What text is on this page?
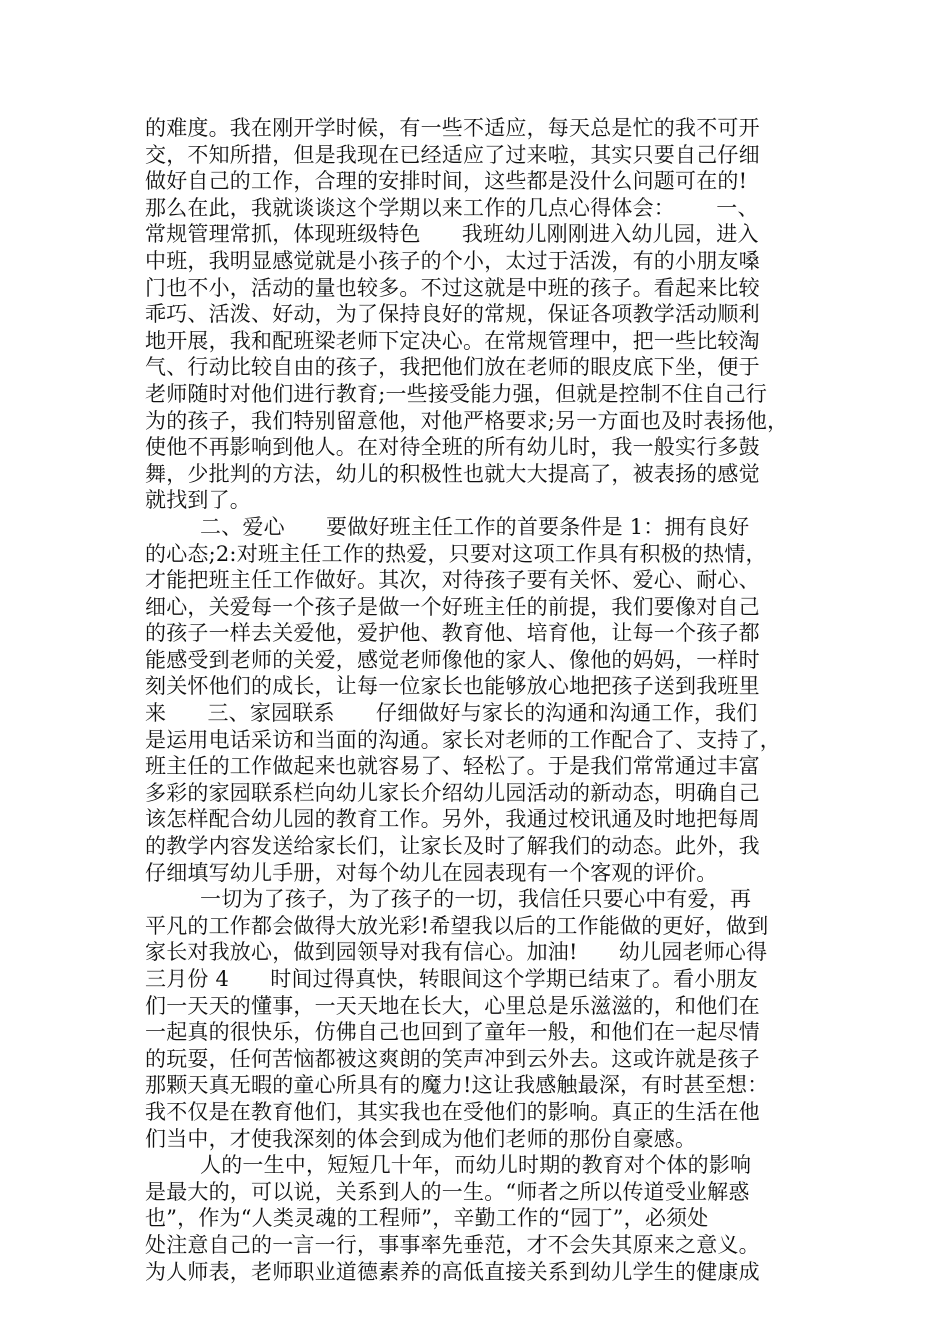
的难度。我在刚开学时候，有一些不适应，每天总是忙的我不可开
交，不知所措，但是我现在已经适应了过来啦，其实只要自己仔细
做好自己的工作，合理的安排时间，这些都是没什么问题可在的!
那么在此，我就谈谈这个学期以来工作的几点心得体会：      一、
常规管理常抓，体现班级特色      我班幼儿刚刚进入幼儿园，进入
中班，我明显感觉就是小孩子的个小，太过于活泼，有的小朋友嗓
门也不小，活动的量也较多。不过这就是中班的孩子。看起来比较
乖巧、活泼、好动，为了保持良好的常规，保证各项教学活动顺利
地开展，我和配班梁老师下定决心。在常规管理中，把一些比较淘
气、行动比较自由的孩子，我把他们放在老师的眼皮底下坐，便于
老师随时对他们进行教育;一些接受能力强，但就是控制不住自己行
为的孩子，我们特别留意他，对他严格要求;另一方面也及时表扬他，
使他不再影响到他人。在对待全班的所有幼儿时，我一般实行多鼓
舞，少批判的方法，幼儿的积极性也就大大提高了，被表扬的感觉
就找到了。
二、爱心      要做好班主任工作的首要条件是 1：拥有良好
的心态;2:对班主任工作的热爱，只要对这项工作具有积极的热情，
才能把班主任工作做好。其次，对待孩子要有关怀、爱心、耐心、
细心，关爱每一个孩子是做一个好班主任的前提，我们要像对自己
的孩子一样去关爱他，爱护他、教育他、培育他，让每一个孩子都
能感受到老师的关爱，感觉老师像他的家人、像他的妈妈，一样时
刻关怀他们的成长，让每一位家长也能够放心地把孩子送到我班里
来      三、家园联系      仔细做好与家长的沟通和沟通工作，我们
是运用电话采访和当面的沟通。家长对老师的工作配合了、支持了，
班主任的工作做起来也就容易了、轻松了。于是我们常常通过丰富
多彩的家园联系栏向幼儿家长介绍幼儿园活动的新动态，明确自己
该怎样配合幼儿园的教育工作。另外，我通过校讯通及时地把每周
的教学内容发送给家长们，让家长及时了解我们的动态。此外，我
仔细填写幼儿手册，对每个幼儿在园表现有一个客观的评价。
一切为了孩子，为了孩子的一切，我信任只要心中有爱，再
平凡的工作都会做得大放光彩!希望我以后的工作能做的更好，做到
家长对我放心，做到园领导对我有信心。加油!      幼儿园老师心得
三月份 4      时间过得真快，转眼间这个学期已结束了。看小朋友
们一天天的懂事，一天天地在长大，心里总是乐滋滋的，和他们在
一起真的很快乐，仿佛自己也回到了童年一般，和他们在一起尽情
的玩耍，任何苦恼都被这爽朗的笑声冲到云外去。这或许就是孩子
那颗天真无暇的童心所具有的魔力!这让我感触最深，有时甚至想：
我不仅是在教育他们，其实我也在受他们的影响。真正的生活在他
们当中，才使我深刻的体会到成为他们老师的那份自豪感。
人的一生中，短短几十年，而幼儿时期的教育对个体的影响
是最大的，可以说，关系到人的一生。“师者之所以传道受业解惑
也”，作为“人类灵魂的工程师”，辛勤工作的“园丁”，必须处
处注意自己的一言一行，事事率先垂范，才不会失其原来之意义。
为人师表，老师职业道德素养的高低直接关系到幼儿学生的健康成
